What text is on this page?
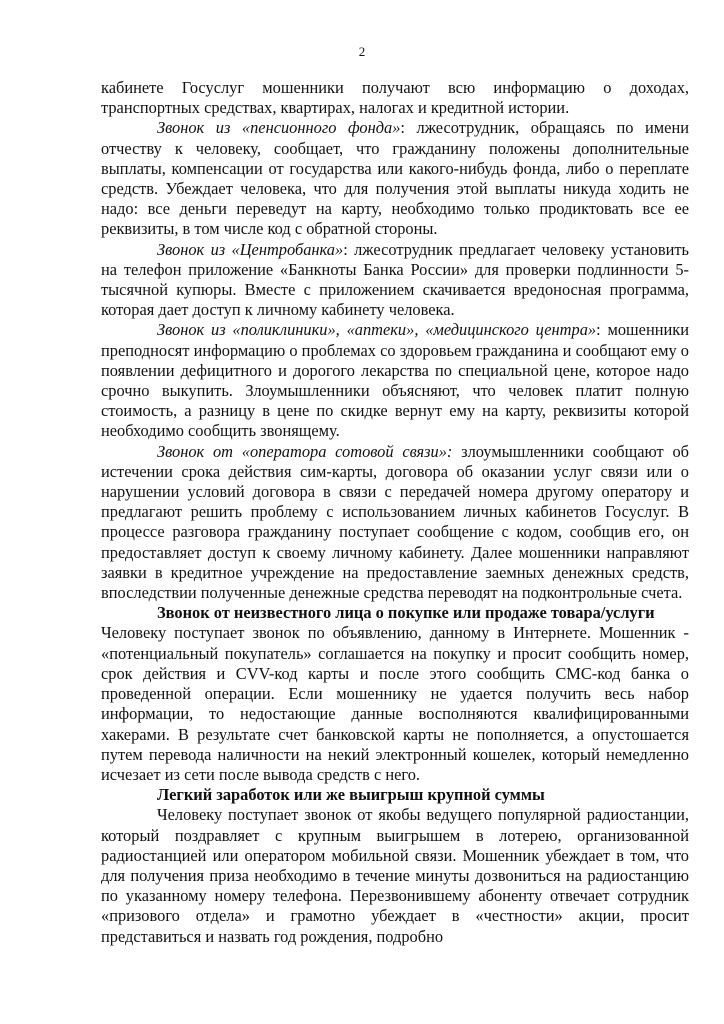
2

кабинете Госуслуг мошенники получают всю информацию о доходах, транспортных средствах, квартирах, налогах и кредитной истории.

Звонок из «пенсионного фонда»: лжесотрудник, обращаясь по имени отчеству к человеку, сообщает, что гражданину положены дополнительные выплаты, компенсации от государства или какого-нибудь фонда, либо о переплате средств. Убеждает человека, что для получения этой выплаты никуда ходить не надо: все деньги переведут на карту, необходимо только продиктовать все ее реквизиты, в том числе код с обратной стороны.

Звонок из «Центробанка»: лжесотрудник предлагает человеку установить на телефон приложение «Банкноты Банка России» для проверки подлинности 5-тысячной купюры. Вместе с приложением скачивается вредоносная программа, которая дает доступ к личному кабинету человека.

Звонок из «поликлиники», «аптеки», «медицинского центра»: мошенники преподносят информацию о проблемах со здоровьем гражданина и сообщают ему о появлении дефицитного и дорогого лекарства по специальной цене, которое надо срочно выкупить. Злоумышленники объясняют, что человек платит полную стоимость, а разницу в цене по скидке вернут ему на карту, реквизиты которой необходимо сообщить звонящему.

Звонок от «оператора сотовой связи»: злоумышленники сообщают об истечении срока действия сим-карты, договора об оказании услуг связи или о нарушении условий договора в связи с передачей номера другому оператору и предлагают решить проблему с использованием личных кабинетов Госуслуг. В процессе разговора гражданину поступает сообщение с кодом, сообщив его, он предоставляет доступ к своему личному кабинету. Далее мошенники направляют заявки в кредитное учреждение на предоставление заемных денежных средств, впоследствии полученные денежные средства переводят на подконтрольные счета.

Звонок от неизвестного лица о покупке или продаже товара/услуги

Человеку поступает звонок по объявлению, данному в Интернете. Мошенник - «потенциальный покупатель» соглашается на покупку и просит сообщить номер, срок действия и CVV-код карты и после этого сообщить СМС-код банка о проведенной операции. Если мошеннику не удается получить весь набор информации, то недостающие данные восполняются квалифицированными хакерами. В результате счет банковской карты не пополняется, а опустошается путем перевода наличности на некий электронный кошелек, который немедленно исчезает из сети после вывода средств с него.

Легкий заработок или же выигрыш крупной суммы

Человеку поступает звонок от якобы ведущего популярной радиостанции, который поздравляет с крупным выигрышем в лотерею, организованной радиостанцией или оператором мобильной связи. Мошенник убеждает в том, что для получения приза необходимо в течение минуты дозвониться на радиостанцию по указанному номеру телефона. Перезвонившему абоненту отвечает сотрудник «призового отдела» и грамотно убеждает в «честности» акции, просит представиться и назвать год рождения, подробно
